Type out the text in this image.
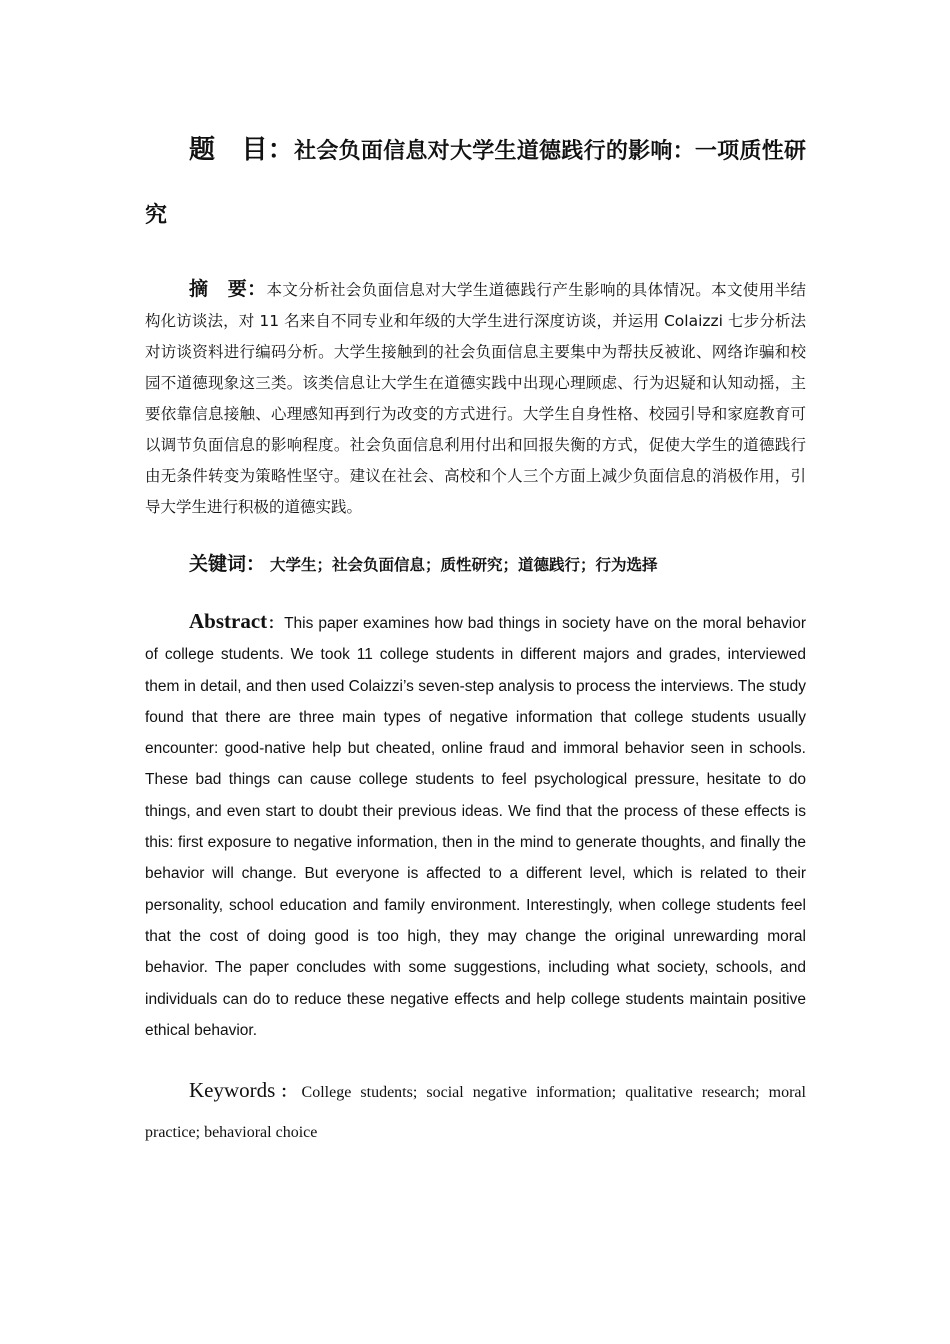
题　目：社会负面信息对大学生道德践行的影响：一项质性研究

摘　要：本文分析社会负面信息对大学生道德践行产生影响的具体情况。本文使用半结构化访谈法，对 11 名来自不同专业和年级的大学生进行深度访谈，并运用 Colaizzi 七步分析法对访谈资料进行编码分析。大学生接触到的社会负面信息主要集中为帮扶反被讹、网络诈骗和校园不道德现象这三类。该类信息让大学生在道德实践中出现心理顾虑、行为迟疑和认知动摇，主要依靠信息接触、心理感知再到行为改变的方式进行。大学生自身性格、校园引导和家庭教育可以调节负面信息的影响程度。社会负面信息利用付出和回报失衡的方式，促使大学生的道德践行由无条件转变为策略性坚守。建议在社会、高校和个人三个方面上减少负面信息的消极作用，引导大学生进行积极的道德实践。

关键词： 大学生；社会负面信息；质性研究；道德践行；行为选择

Abstract：This paper examines how bad things in society have on the moral behavior of college students. We took 11 college students in different majors and grades, interviewed them in detail, and then used Colaizzi’s seven-step analysis to process the interviews. The study found that there are three main types of negative information that college students usually encounter: good-native help but cheated, online fraud and immoral behavior seen in schools. These bad things can cause college students to feel psychological pressure, hesitate to do things, and even start to doubt their previous ideas. We find that the process of these effects is this: first exposure to negative information, then in the mind to generate thoughts, and finally the behavior will change. But everyone is affected to a different level, which is related to their personality, school education and family environment. Interestingly, when college students feel that the cost of doing good is too high, they may change the original unrewarding moral behavior. The paper concludes with some suggestions, including what society, schools, and individuals can do to reduce these negative effects and help college students maintain positive ethical behavior.

Keywords：College students; social negative information; qualitative research; moral practice; behavioral choice
